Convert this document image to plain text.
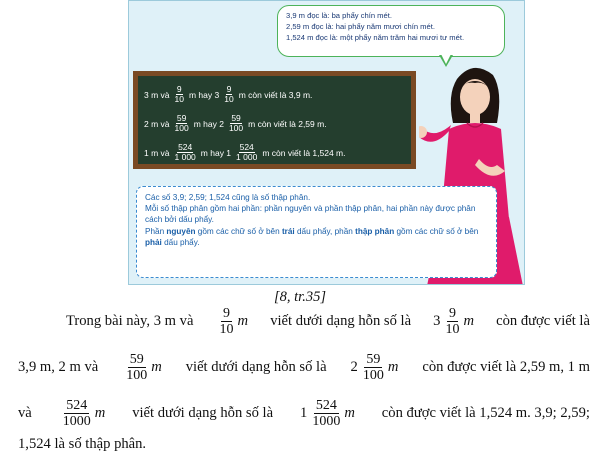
3,9 m đọc là: ba phẩy chín mét.
2,59 m đọc là: hai phẩy năm mươi chín mét.
1,524 m đọc là: một phẩy năm trăm hai mươi tư mét.
3 m và $\frac{9}{10}$ m hay $3 \frac{9}{10}$ m còn viết là 3,9 m.
2 m và $\frac{59}{100}$ m hay $2 \frac{59}{100}$ m còn viết là 2,59 m.
1 m và $\frac{524}{1 000}$ m hay $1 \frac{524}{1 000}$ m còn viết là 1,524 m.

Các số 3,9; 2,59; 1,524 cũng là số thập phân.

Mỗi số thập phân gồm hai phần: phần nguyên và phần thập phân, hai phần này được phân cách bởi dấu phẩy.

Phần nguyên gồm các chữ số ở bên trái dấu phẩy, phần thập phân gồm các chữ số ở bên phải dấu phẩy.

[8, tr.35]
Trong bài này, 3 m và $\frac{9}{10}$ m viết dưới dạng hỗn số là $3 \frac{9}{10}$ m còn được viết là
3,9 m, 2 m và $\frac{59}{100}$ m viết dưới dạng hỗn số là $2 \frac{59}{100}$ m còn được viết là 2,59 m, 1 m
và $\frac{524}{1000}$ m viết dưới dạng hỗn số là $1 \frac{524}{1000}$ m còn được viết là 1,524 m. 3,9; 2,59;
1,524 là số thập phân.
